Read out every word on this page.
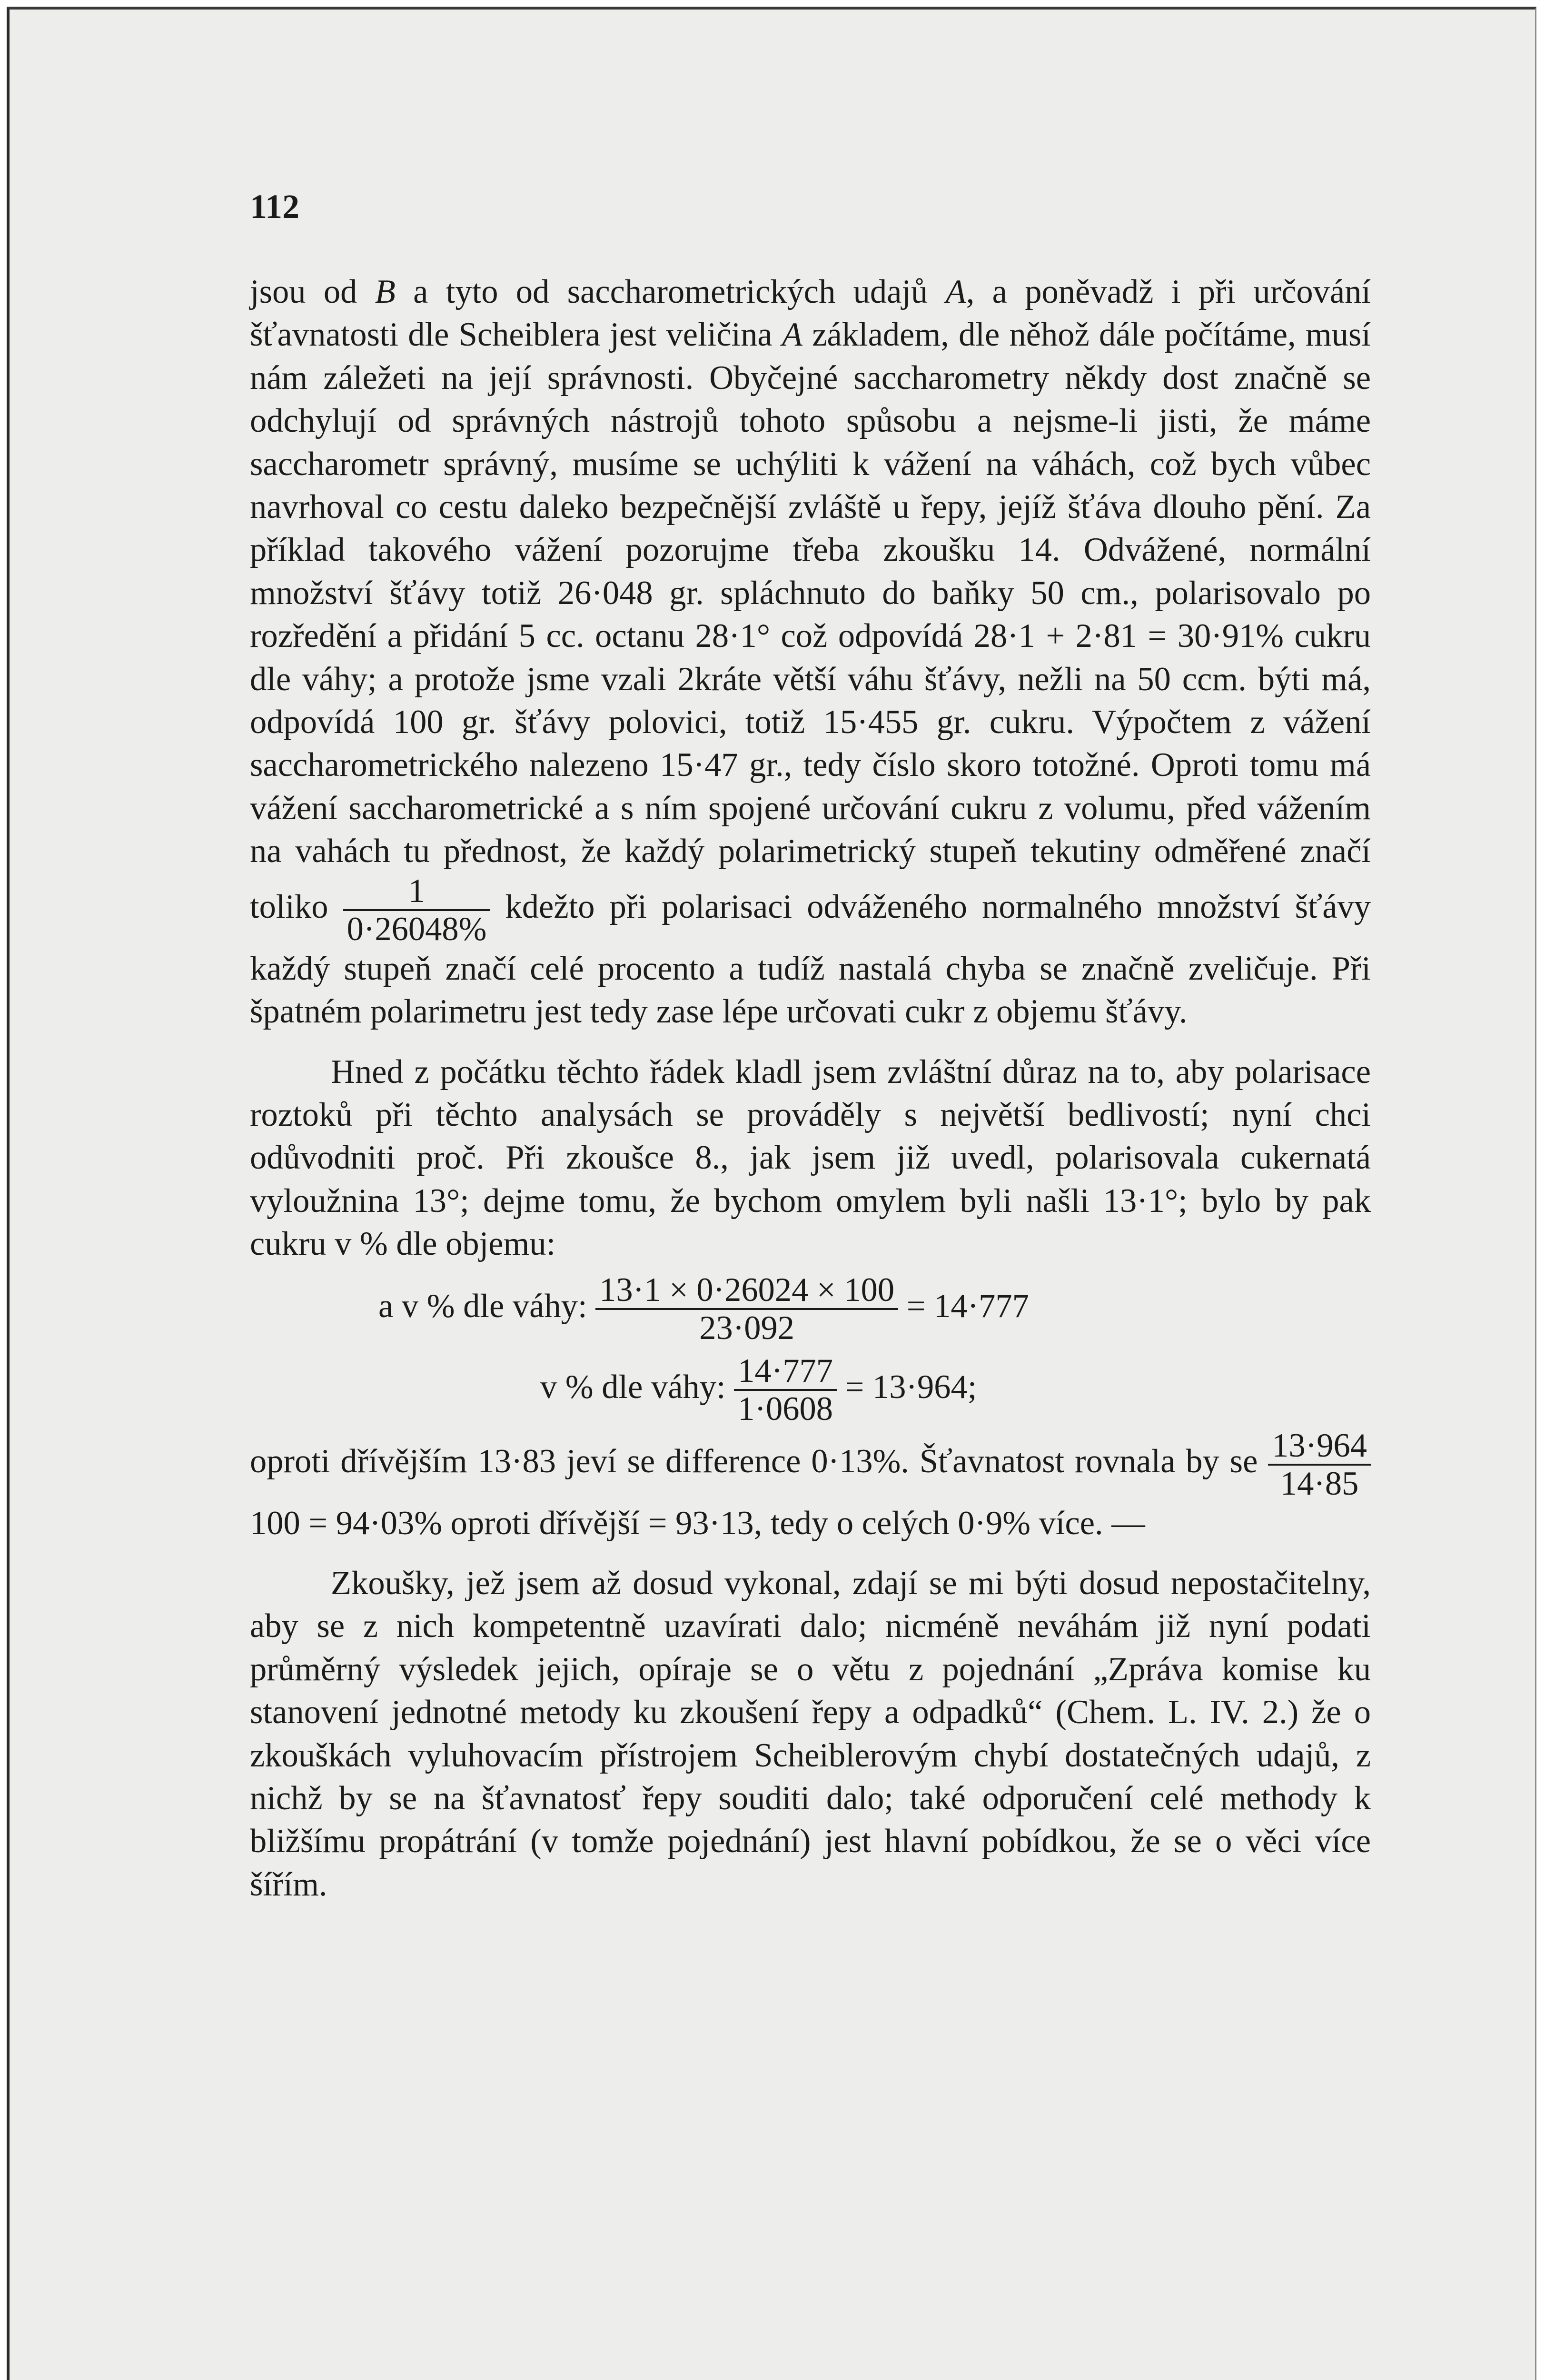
112

jsou od B a tyto od saccharometrických udajů A, a poněvadž i při určování šťavnatosti dle Scheiblera jest veličina A základem, dle něhož dále počítáme, musí nám záležeti na její správnosti. Obyčejné saccharometry někdy dost značně se odchylují od správných nástrojů tohoto spůsobu a nejsme-li jisti, že máme saccharometr správný, musíme se uchýliti k vážení na váhách, což bych vůbec navrhoval co cestu daleko bezpečnější zvláště u řepy, jejíž šťáva dlouho pění. Za příklad takového vážení pozorujme třeba zkoušku 14. Odvážené, normální množství šťávy totiž 26·048 gr. spláchnuto do baňky 50 cm., polarisovalo po rozředění a přidání 5 cc. octanu 28·1° což odpovídá 28·1 + 2·81 = 30·91% cukru dle váhy; a protože jsme vzali 2kráte větší váhu šťávy, nežli na 50 ccm. býti má, odpovídá 100 gr. šťávy polovici, totiž 15·455 gr. cukru. Výpočtem z vážení saccharometrického nalezeno 15·47 gr., tedy číslo skoro totožné. Oproti tomu má vážení saccharometrické a s ním spojené určování cukru z volumu, před vážením na vahách tu přednost, že každý polarimetrický stupeň tekutiny odměřené značí toliko $\frac{1}{0\cdot 26048\%}$ kdežto při polarisaci odváženého normalného množství šťávy každý stupeň značí celé procento a tudíž nastalá chyba se značně zveličuje. Při špatném polarimetru jest tedy zase lépe určovati cukr z objemu šťávy.

Hned z počátku těchto řádek kladl jsem zvláštní důraz na to, aby polarisace roztoků při těchto analysách se prováděly s největší bedlivostí; nyní chci odůvodniti proč. Při zkoušce 8., jak jsem již uvedl, polarisovala cukernatá vyloužnina 13°; dejme tomu, že bychom omylem byli našli 13·1°; bylo by pak cukru v % dle objemu:

a v % dle váhy: $\frac{13\cdot 1 \times 0\cdot 26024 \times 100}{23\cdot 092} = 14\cdot 777$

v % dle váhy: $\frac{14\cdot 777}{1\cdot 0608} = 13\cdot 964$;

oproti dřívějším 13·83 jeví se difference 0·13%. Šťavnatost rovnala by se $\frac{13\cdot 964}{14\cdot 85}$
100 = 94·03% oproti dřívější = 93·13, tedy o celých 0·9% více. —

Zkoušky, jež jsem až dosud vykonal, zdají se mi býti dosud nepostačitelny, aby se z nich kompetentně uzavírati dalo; nicméně neváhám již nyní podati průměrný výsledek jejich, opíraje se o větu z pojednání „Zpráva komise ku stanovení jednotné metody ku zkoušení řepy a odpadků“ (Chem. L. IV. 2.) že o zkouškách vyluhovacím přístrojem Scheiblerovým chybí dostatečných udajů, z nichž by se na šťavnatosť řepy souditi dalo; také odporučení celé methody k bližšímu propátrání (v tomže pojednání) jest hlavní pobídkou, že se o věci více šířím.
